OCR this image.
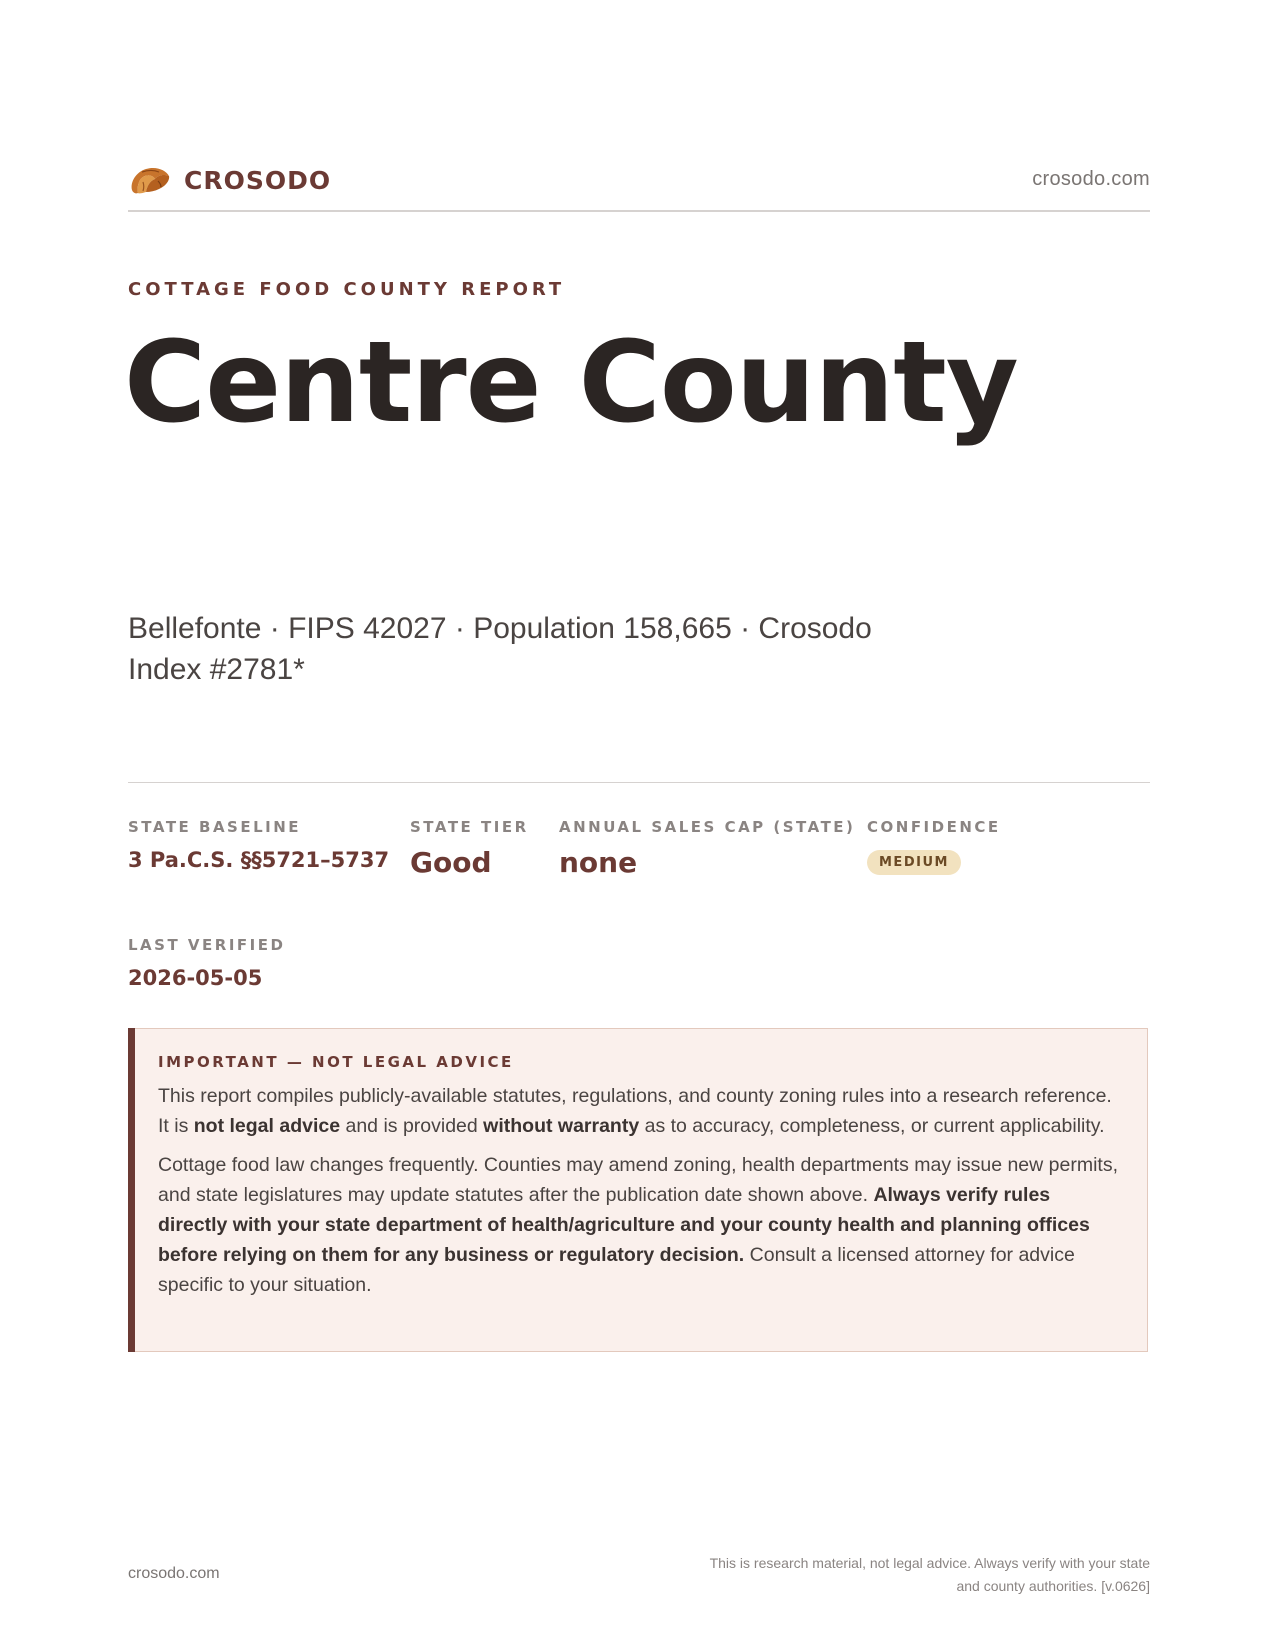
CROSODO	crosodo.com
COTTAGE FOOD COUNTY REPORT
Centre County
Bellefonte · FIPS 42027 · Population 158,665 · Crosodo
Index #2781*
STATE BASELINE
3 Pa.C.S. §§5721–5737
STATE TIER
Good
ANNUAL SALES CAP (STATE)
none
CONFIDENCE
MEDIUM
LAST VERIFIED
2026-05-05
IMPORTANT — NOT LEGAL ADVICE

This report compiles publicly-available statutes, regulations, and county zoning rules into a research reference. It is not legal advice and is provided without warranty as to accuracy, completeness, or current applicability.

Cottage food law changes frequently. Counties may amend zoning, health departments may issue new permits, and state legislatures may update statutes after the publication date shown above. Always verify rules directly with your state department of health/agriculture and your county health and planning offices before relying on them for any business or regulatory decision. Consult a licensed attorney for advice specific to your situation.

crosodo.com
This is research material, not legal advice. Always verify with your state
and county authorities. [v.0626]
